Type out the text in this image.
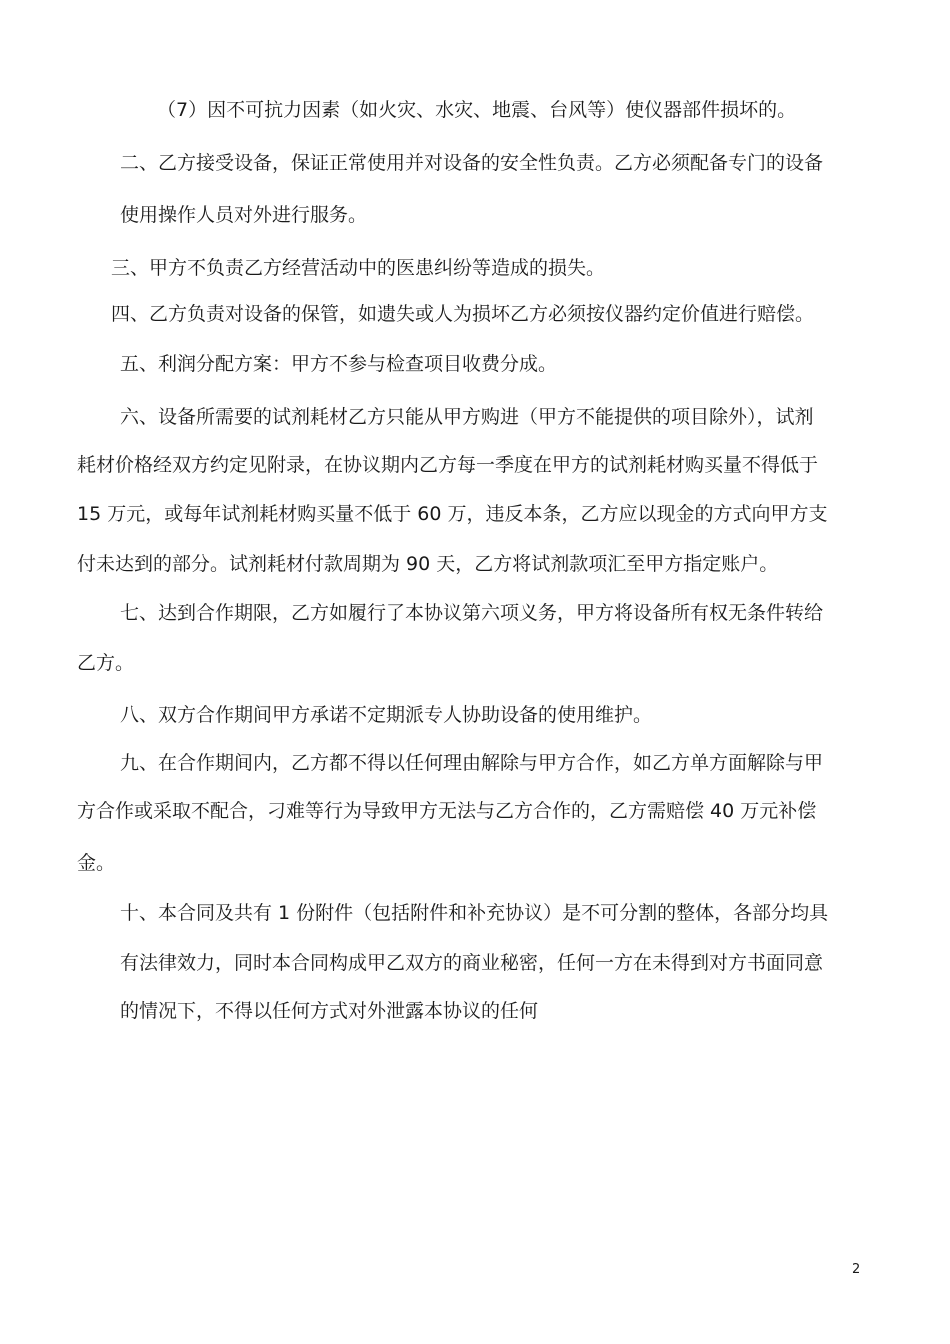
（7）因不可抗力因素（如火灾、水灾、地震、台风等）使仪器部件损坏的。
二、乙方接受设备，保证正常使用并对设备的安全性负责。乙方必须配备专门的设备
使用操作人员对外进行服务。
三、甲方不负责乙方经营活动中的医患纠纷等造成的损失。
四、乙方负责对设备的保管，如遗失或人为损坏乙方必须按仪器约定价值进行赔偿。
五、利润分配方案：甲方不参与检查项目收费分成。
六、设备所需要的试剂耗材乙方只能从甲方购进（甲方不能提供的项目除外），试剂
耗材价格经双方约定见附录，在协议期内乙方每一季度在甲方的试剂耗材购买量不得低于
15 万元，或每年试剂耗材购买量不低于 60 万，违反本条，乙方应以现金的方式向甲方支
付未达到的部分。试剂耗材付款周期为 90 天，乙方将试剂款项汇至甲方指定账户。
七、达到合作期限，乙方如履行了本协议第六项义务，甲方将设备所有权无条件转给
乙方。
八、双方合作期间甲方承诺不定期派专人协助设备的使用维护。
九、在合作期间内，乙方都不得以任何理由解除与甲方合作，如乙方单方面解除与甲
方合作或采取不配合，刁难等行为导致甲方无法与乙方合作的，乙方需赔偿 40 万元补偿
金。
十、本合同及共有 1 份附件（包括附件和补充协议）是不可分割的整体，各部分均具
有法律效力，同时本合同构成甲乙双方的商业秘密，任何一方在未得到对方书面同意
的情况下，不得以任何方式对外泄露本协议的任何
2
